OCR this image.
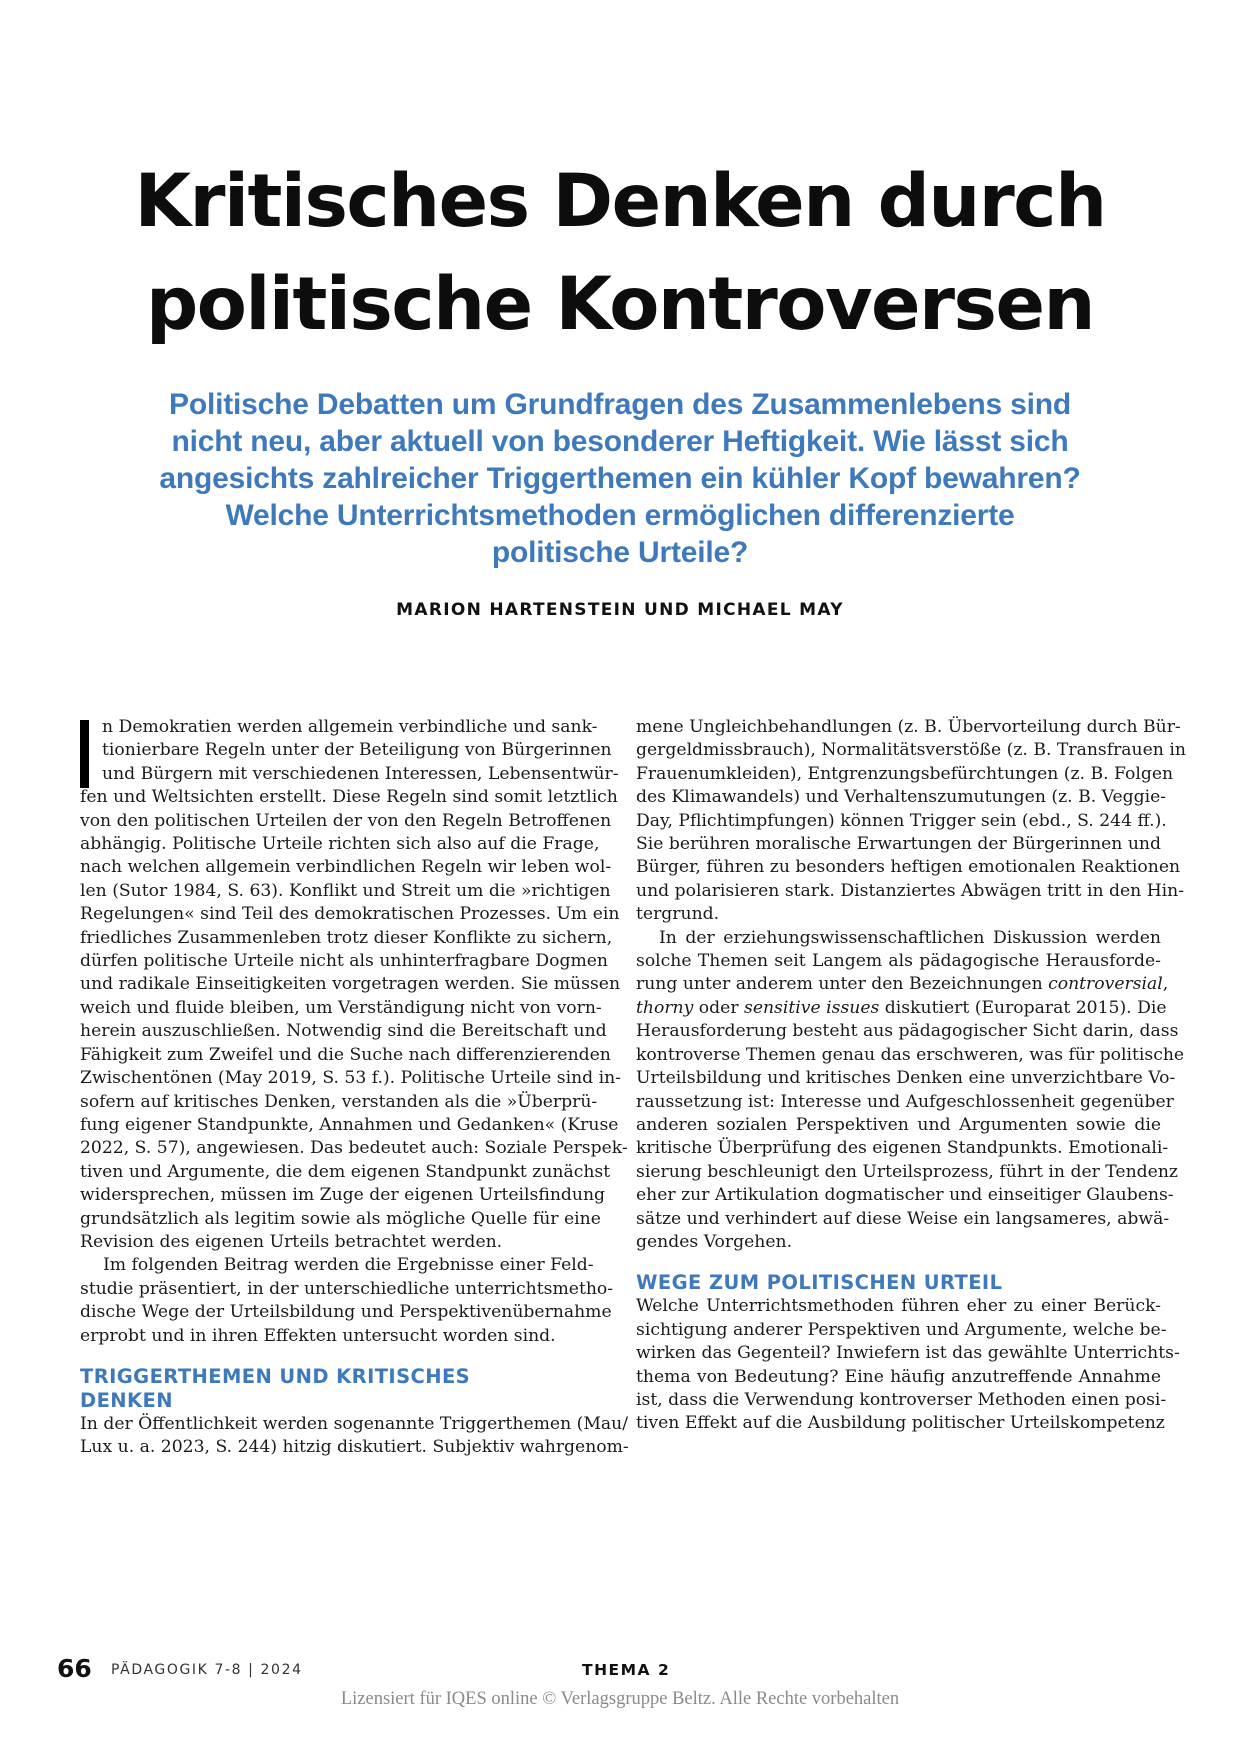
Kritisches Denken durch
politische Kontroversen
Politische Debatten um Grundfragen des Zusammenlebens sind
nicht neu, aber aktuell von besonderer Heftigkeit. Wie lässt sich
angesichts zahlreicher Triggerthemen ein kühler Kopf bewahren?
Welche Unterrichtsmethoden ermöglichen differenzierte
politische Urteile?
MARION HARTENSTEIN UND MICHAEL MAY
n Demokratien werden allgemein verbindliche und sank-
tionierbare Regeln unter der Beteiligung von Bürgerinnen
und Bürgern mit verschiedenen Interessen, Lebensentwür-
fen und Weltsichten erstellt. Diese Regeln sind somit letztlich
von den politischen Urteilen der von den Regeln Betroffenen
abhängig. Politische Urteile richten sich also auf die Frage,
nach welchen allgemein verbindlichen Regeln wir leben wol-
len (Sutor 1984, S. 63). Konflikt und Streit um die »richtigen
Regelungen« sind Teil des demokratischen Prozesses. Um ein
friedliches Zusammenleben trotz dieser Konflikte zu sichern,
dürfen politische Urteile nicht als unhinterfragbare Dogmen
und radikale Einseitigkeiten vorgetragen werden. Sie müssen
weich und fluide bleiben, um Verständigung nicht von vorn-
herein auszuschließen. Notwendig sind die Bereitschaft und
Fähigkeit zum Zweifel und die Suche nach differenzierenden
Zwischentönen (May 2019, S. 53 f.). Politische Urteile sind in-
sofern auf kritisches Denken, verstanden als die »Überprü-
fung eigener Standpunkte, Annahmen und Gedanken« (Kruse
2022, S. 57), angewiesen. Das bedeutet auch: Soziale Perspek-
tiven und Argumente, die dem eigenen Standpunkt zunächst
widersprechen, müssen im Zuge der eigenen Urteilsfindung
grundsätzlich als legitim sowie als mögliche Quelle für eine
Revision des eigenen Urteils betrachtet werden.
Im folgenden Beitrag werden die Ergebnisse einer Feld-
studie präsentiert, in der unterschiedliche unterrichtsmetho-
dische Wege der Urteilsbildung und Perspektivenübernahme
erprobt und in ihren Effekten untersucht worden sind.
TRIGGERTHEMEN UND KRITISCHES DENKEN
In der Öffentlichkeit werden sogenannte Triggerthemen (Mau/
Lux u. a. 2023, S. 244) hitzig diskutiert. Subjektiv wahrgenom-
mene Ungleichbehandlungen (z. B. Übervorteilung durch Bür-
gergeldmissbrauch), Normalitätsverstöße (z. B. Transfrauen in
Frauenumkleiden), Entgrenzungsbefürchtungen (z. B. Folgen
des Klimawandels) und Verhaltenszumutungen (z. B. Veggie-
Day, Pflichtimpfungen) können Trigger sein (ebd., S. 244 ff.).
Sie berühren moralische Erwartungen der Bürgerinnen und
Bürger, führen zu besonders heftigen emotionalen Reaktionen
und polarisieren stark. Distanziertes Abwägen tritt in den Hin-
tergrund.
In der erziehungswissenschaftlichen Diskussion werden
solche Themen seit Langem als pädagogische Herausforde-
rung unter anderem unter den Bezeichnungen controversial,
thorny oder sensitive issues diskutiert (Europarat 2015). Die
Herausforderung besteht aus pädagogischer Sicht darin, dass
kontroverse Themen genau das erschweren, was für politische
Urteilsbildung und kritisches Denken eine unverzichtbare Vo-
raussetzung ist: Interesse und Aufgeschlossenheit gegenüber
anderen sozialen Perspektiven und Argumenten sowie die
kritische Überprüfung des eigenen Standpunkts. Emotionali-
sierung beschleunigt den Urteilsprozess, führt in der Tendenz
eher zur Artikulation dogmatischer und einseitiger Glaubens-
sätze und verhindert auf diese Weise ein langsameres, abwä-
gendes Vorgehen.
WEGE ZUM POLITISCHEN URTEIL
Welche Unterrichtsmethoden führen eher zu einer Berück-
sichtigung anderer Perspektiven und Argumente, welche be-
wirken das Gegenteil? Inwiefern ist das gewählte Unterrichts-
thema von Bedeutung? Eine häufig anzutreffende Annahme
ist, dass die Verwendung kontroverser Methoden einen posi-
tiven Effekt auf die Ausbildung politischer Urteilskompetenz
66 PÄDAGOGIK 7-8 | 2024	THEMA 2
Lizensiert für IQES online © Verlagsgruppe Beltz. Alle Rechte vorbehalten
